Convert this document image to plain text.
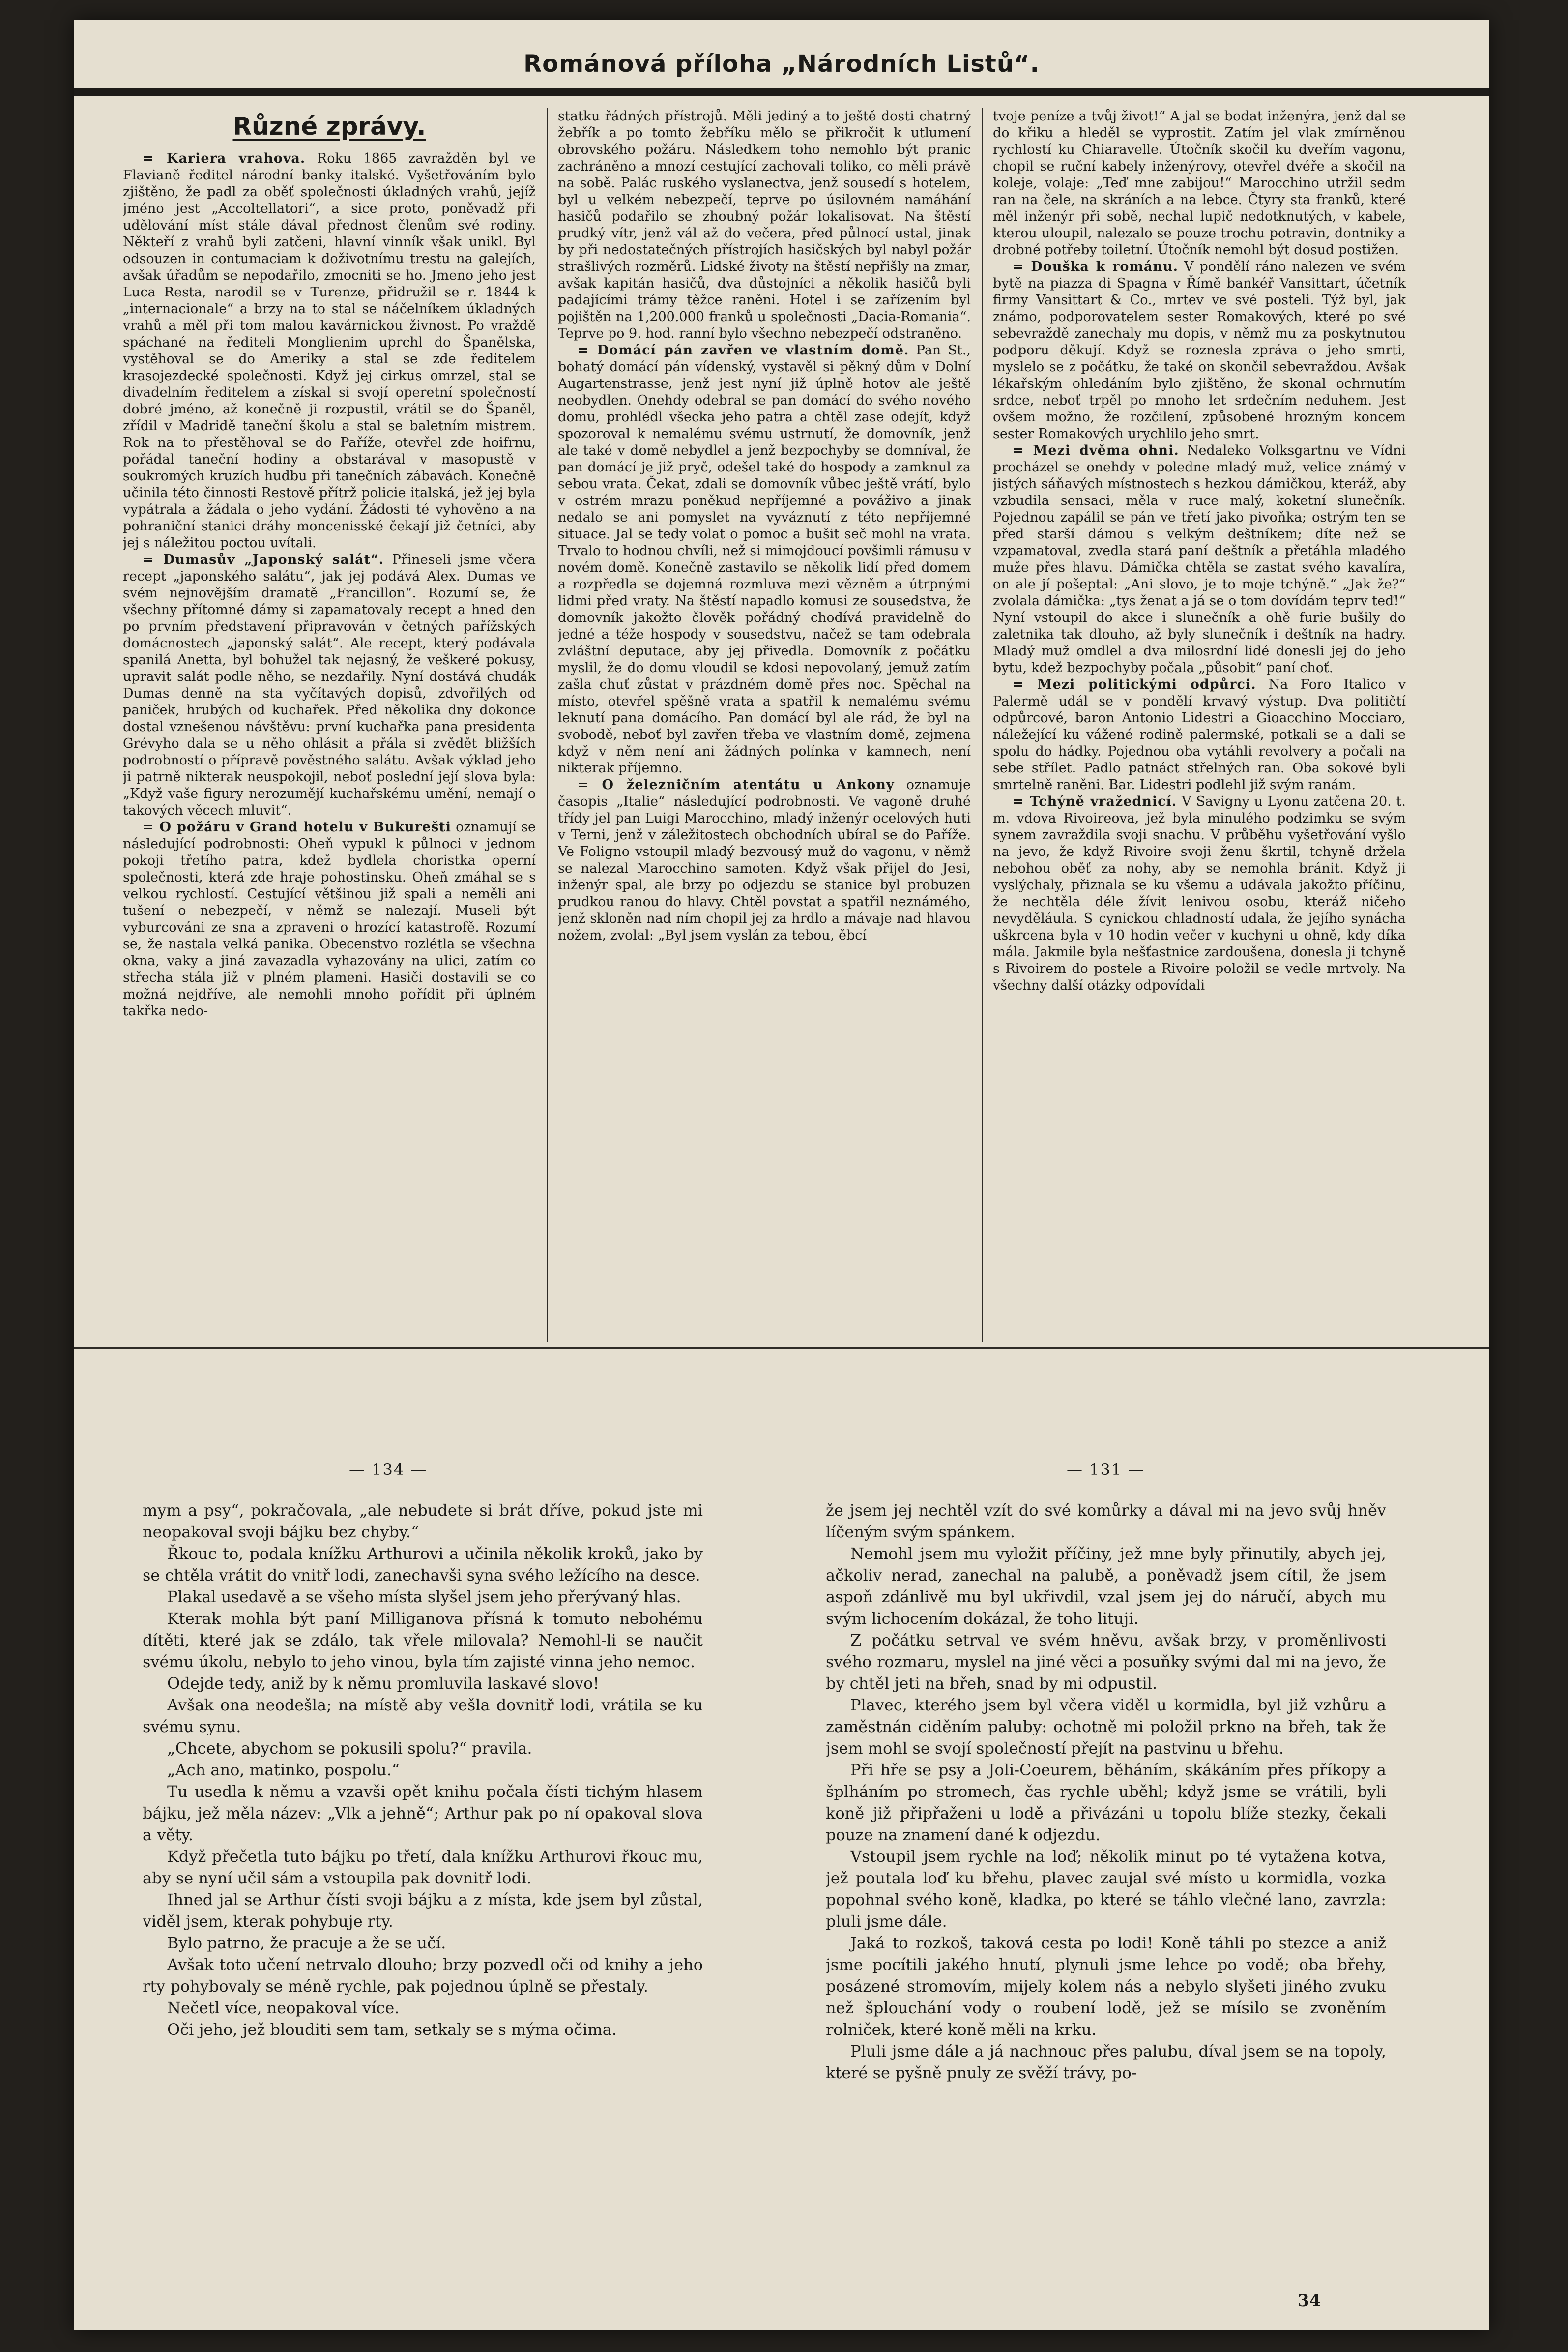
Románová příloha „Národních Listů“.
Různé zprávy.

= Kariera vrahova. Roku 1865 zavražděn byl ve Flavianě ředitel národní banky italské. Vyšetřováním bylo zjištěno, že padl za oběť společnosti úkladných vrahů, jejíž jméno jest „Accoltellatori“, a sice proto, poněvadž při udělování míst stále dával přednost členům své rodiny. Někteří z vrahů byli zatčeni, hlavní vinník však unikl. Byl odsouzen in contumaciam k doživotnímu trestu na galejích, avšak úřadům se nepodařilo, zmocniti se ho. Jmeno jeho jest Luca Resta, narodil se v Turenze, přidružil se r. 1844 k „internacionale“ a brzy na to stal se náčelníkem úkladných vrahů a měl při tom malou kavárnickou živnost. Po vraždě spáchané na řediteli Monglienim uprchl do Španělska, vystěhoval se do Ameriky a stal se zde ředitelem krasojezdecké společnosti. Když jej cirkus omrzel, stal se divadelním ředitelem a získal si svojí operetní společností dobré jméno, až konečně ji rozpustil, vrátil se do Španěl, zřídil v Madridě taneční školu a stal se baletním mistrem. Rok na to přestěhoval se do Paříže, otevřel zde hoifrnu, pořádal taneční hodiny a obstarával v masopustě v soukromých kruzích hudbu při tanečních zábavách. Konečně učinila této činnosti Restově přítrž policie italská, jež jej byla vypátrala a žádala o jeho vydání. Žádosti té vyhověno a na pohraniční stanici dráhy moncenisské čekají již četníci, aby jej s náležitou poctou uvítali.

= Dumasův „Japonský salát“. Přineseli jsme včera recept „japonského salátu“, jak jej podává Alex. Dumas ve svém nejnovějším dramatě „Francillon“. Rozumí se, že všechny přítomné dámy si zapamatovaly recept a hned den po prvním představení připravován v četných pařížských domácnostech „japonský salát“. Ale recept, který podávala spanilá Anetta, byl bohužel tak nejasný, že veškeré pokusy, upravit salát podle něho, se nezdařily. Nyní dostává chudák Dumas denně na sta vyčítavých dopisů, zdvořilých od paniček, hrubých od kuchařek. Před několika dny dokonce dostal vznešenou návštěvu: první kuchařka pana presidenta Grévyho dala se u něho ohlásit a přála si zvědět bližších podrobností o přípravě pověstného salátu. Avšak výklad jeho ji patrně nikterak neuspokojil, neboť poslední její slova byla: „Když vaše figury nerozumějí kuchařskému umění, nemají o takových věcech mluvit“.

= O požáru v Grand hotelu v Bukurešti oznamují se následující podrobnosti: Oheň vypukl k půlnoci v jednom pokoji třetího patra, kdež bydlela choristka operní společnosti, která zde hraje pohostinsku. Oheň zmáhal se s velkou rychlostí. Cestující většinou již spali a neměli ani tušení o nebezpečí, v němž se nalezají. Museli být vyburcováni ze sna a zpraveni o hrozící katastrofě. Rozumí se, že nastala velká panika. Obecenstvo rozlétla se všechna okna, vaky a jiná zavazadla vyhazovány na ulici, zatím co střecha stála již v plném plameni. Hasiči dostavili se co možná nejdříve, ale nemohli mnoho pořídit při úplném takřka nedo-

statku řádných přístrojů. Měli jediný a to ještě dosti chatrný žebřík a po tomto žebříku mělo se přikročit k utlumení obrovského požáru. Následkem toho nemohlo být pranic zachráněno a mnozí cestující zachovali toliko, co měli právě na sobě. Palác ruského vyslanectva, jenž sousedí s hotelem, byl u velkém nebezpečí, teprve po úsilovném namáhání hasičů podařilo se zhoubný požár lokalisovat. Na štěstí prudký vítr, jenž vál až do večera, před půlnocí ustal, jinak by při nedostatečných přístrojích hasičských byl nabyl požár strašlivých rozměrů. Lidské životy na štěstí nepřišly na zmar, avšak kapitán hasičů, dva důstojníci a několik hasičů byli padajícími trámy těžce raněni. Hotel i se zařízením byl pojištěn na 1,200.000 franků u společnosti „Dacia-Romania“. Teprve po 9. hod. ranní bylo všechno nebezpečí odstraněno.

= Domácí pán zavřen ve vlastním domě. Pan St., bohatý domácí pán vídenský, vystavěl si pěkný dům v Dolní Augartenstrasse, jenž jest nyní již úplně hotov ale ještě neobydlen. Onehdy odebral se pan domácí do svého nového domu, prohlédl všecka jeho patra a chtěl zase odejít, když spozoroval k nemalému svému ustrnutí, že domovník, jenž ale také v domě nebydlel a jenž bezpochyby se domníval, že pan domácí je již pryč, odešel také do hospody a zamknul za sebou vrata. Čekat, zdali se domovník vůbec ještě vrátí, bylo v ostrém mrazu poněkud nepříjemné a pováživo a jinak nedalo se ani pomyslet na vyváznutí z této nepříjemné situace. Jal se tedy volat o pomoc a bušit seč mohl na vrata. Trvalo to hodnou chvíli, než si mimojdoucí povšimli rámusu v novém domě. Konečně zastavilo se několik lidí před domem a rozpředla se dojemná rozmluva mezi vězněm a útrpnými lidmi před vraty. Na štěstí napadlo komusi ze sousedstva, že domovník jakožto člověk pořádný chodívá pravidelně do jedné a téže hospody v sousedstvu, načež se tam odebrala zvláštní deputace, aby jej přivedla. Domovník z počátku myslil, že do domu vloudil se kdosi nepovolaný, jemuž zatím zašla chuť zůstat v prázdném domě přes noc. Spěchal na místo, otevřel spěšně vrata a spatřil k nemalému svému leknutí pana domácího. Pan domácí byl ale rád, že byl na svobodě, neboť byl zavřen třeba ve vlastním domě, zejmena když v něm není ani žádných polínka v kamnech, není nikterak příjemno.

= O železničním atentátu u Ankony oznamuje časopis „Italie“ následující podrobnosti. Ve vagoně druhé třídy jel pan Luigi Marocchino, mladý inženýr ocelových huti v Terni, jenž v záležitostech obchodních ubíral se do Paříže. Ve Foligno vstoupil mladý bezvousý muž do vagonu, v němž se nalezal Marocchino samoten. Když však přijel do Jesi, inženýr spal, ale brzy po odjezdu se stanice byl probuzen prudkou ranou do hlavy. Chtěl povstat a spatřil neznámého, jenž skloněn nad ním chopil jej za hrdlo a mávaje nad hlavou nožem, zvolal: „Byl jsem vyslán za tebou, ěbcí

tvoje peníze a tvůj život!“ A jal se bodat inženýra, jenž dal se do křiku a hleděl se vyprostit. Zatím jel vlak zmírněnou rychlostí ku Chiaravelle. Útočník skočil ku dveřím vagonu, chopil se ruční kabely inženýrovy, otevřel dvéře a skočil na koleje, volaje: „Teď mne zabijou!“ Marocchino utržil sedm ran na čele, na skráních a na lebce. Čtyry sta franků, které měl inženýr při sobě, nechal lupič nedotknutých, v kabele, kterou uloupil, nalezalo se pouze trochu potravin, dontniky a drobné potřeby toiletní. Útočník nemohl být dosud postižen.

= Douška k románu. V pondělí ráno nalezen ve svém bytě na piazza di Spagna v Římě bankéř Vansittart, účetník firmy Vansittart & Co., mrtev ve své posteli. Týž byl, jak známo, podporovatelem sester Romakových, které po své sebevraždě zanechaly mu dopis, v němž mu za poskytnutou podporu děkují. Když se roznesla zpráva o jeho smrti, myslelo se z počátku, že také on skončil sebevraždou. Avšak lékařským ohledáním bylo zjištěno, že skonal ochrnutím srdce, neboť trpěl po mnoho let srdečním neduhem. Jest ovšem možno, že rozčilení, způsobené hrozným koncem sester Romakových urychlilo jeho smrt.

= Mezi dvěma ohni. Nedaleko Volksgartnu ve Vídni procházel se onehdy v poledne mladý muž, velice známý v jistých sáňavých místnostech s hezkou dámičkou, kteráž, aby vzbudila sensaci, měla v ruce malý, koketní slunečník. Pojednou zapálil se pán ve třetí jako pivoňka; ostrým ten se před starší dámou s velkým deštníkem; díte než se vzpamatoval, zvedla stará paní deštník a přetáhla mladého muže přes hlavu. Dámička chtěla se zastat svého kavalíra, on ale jí pošeptal: „Ani slovo, je to moje tchýně.“ „Jak že?“ zvolala dámička: „tys ženat a já se o tom dovídám teprv teď!“ Nyní vstoupil do akce i slunečník a ohě furie bušily do zaletnika tak dlouho, až byly slunečník i deštník na hadry. Mladý muž omdlel a dva milosrdní lidé donesli jej do jeho bytu, kdež bezpochyby počala „působit“ paní choť.

= Mezi politickými odpůrci. Na Foro Italico v Palermě udál se v pondělí krvavý výstup. Dva političtí odpůrcové, baron Antonio Lidestri a Gioacchino Mocciaro, náležející ku vážené rodině palermské, potkali se a dali se spolu do hádky. Pojednou oba vytáhli revolvery a počali na sebe střílet. Padlo patnáct střelných ran. Oba sokové byli smrtelně raněni. Bar. Lidestri podlehl již svým ranám.

= Tchýně vražednicí. V Savigny u Lyonu zatčena 20. t. m. vdova Rivoireova, jež byla minulého podzimku se svým synem zavraždila svoji snachu. V průběhu vyšetřování vyšlo na jevo, že když Rivoire svoji ženu škrtil, tchyně držela nebohou oběť za nohy, aby se nemohla bránit. Když ji vyslýchaly, přiznala se ku všemu a udávala jakožto příčinu, že nechtěla déle žívit lenivou osobu, kteráž ničeho nevyděláula. S cynickou chladností udala, že jejího synácha uškrcena byla v 10 hodin večer v kuchyni u ohně, kdy díka mála. Jakmile byla nešťastnice zardoušena, donesla ji tchyně s Rivoirem do postele a Rivoire položil se vedle mrtvoly. Na všechny další otázky odpovídali

— 134 —	— 131 —

mym a psy“, pokračovala, „ale nebudete si brát dříve, pokud jste mi neopakoval svoji bájku bez chyby.“

Řkouc to, podala knížku Arthurovi a učinila několik kroků, jako by se chtěla vrátit do vnitř lodi, zanechavši syna svého ležícího na desce.

Plakal usedavě a se všeho místa slyšel jsem jeho přerývaný hlas.

Kterak mohla být paní Milliganova přísná k tomuto nebohému dítěti, které jak se zdálo, tak vřele milovala? Nemohl-li se naučit svému úkolu, nebylo to jeho vinou, byla tím zajisté vinna jeho nemoc.

Odejde tedy, aniž by k němu promluvila laskavé slovo!

Avšak ona neodešla; na místě aby vešla dovnitř lodi, vrátila se ku svému synu.

„Chcete, abychom se pokusili spolu?“ pravila.

„Ach ano, matinko, pospolu.“

Tu usedla k němu a vzavši opět knihu počala čísti tichým hlasem bájku, jež měla název: „Vlk a jehně“; Arthur pak po ní opakoval slova a věty.

Když přečetla tuto bájku po třetí, dala knížku Arthurovi řkouc mu, aby se nyní učil sám a vstoupila pak dovnitř lodi.

Ihned jal se Arthur čísti svoji bájku a z místa, kde jsem byl zůstal, viděl jsem, kterak pohybuje rty.

Bylo patrno, že pracuje a že se učí.

Avšak toto učení netrvalo dlouho; brzy pozvedl oči od knihy a jeho rty pohybovaly se méně rychle, pak pojednou úplně se přestaly.

Nečetl více, neopakoval více.

Oči jeho, jež blouditi sem tam, setkaly se s mýma očima.

že jsem jej nechtěl vzít do své komůrky a dával mi na jevo svůj hněv líčeným svým spánkem.

Nemohl jsem mu vyložit příčiny, jež mne byly přinutily, abych jej, ačkoliv nerad, zanechal na palubě, a poněvadž jsem cítil, že jsem aspoň zdánlivě mu byl ukřivdil, vzal jsem jej do náručí, abych mu svým lichocením dokázal, že toho lituji.

Z počátku setrval ve svém hněvu, avšak brzy, v proměnlivosti svého rozmaru, myslel na jiné věci a posuňky svými dal mi na jevo, že by chtěl jeti na břeh, snad by mi odpustil.

Plavec, kterého jsem byl včera viděl u kormidla, byl již vzhůru a zaměstnán ciděním paluby: ochotně mi položil prkno na břeh, tak že jsem mohl se svojí společností přejít na pastvinu u břehu.

Při hře se psy a Joli-Coeurem, běháním, skákáním přes příkopy a šplháním po stromech, čas rychle uběhl; když jsme se vrátili, byli koně již připřaženi u lodě a přivázáni u topolu blíže stezky, čekali pouze na znamení dané k odjezdu.

Vstoupil jsem rychle na loď; několik minut po té vytažena kotva, jež poutala loď ku břehu, plavec zaujal své místo u kormidla, vozka popohnal svého koně, kladka, po které se táhlo vlečné lano, zavrzla: pluli jsme dále.

Jaká to rozkoš, taková cesta po lodi! Koně táhli po stezce a aniž jsme pocítili jakého hnutí, plynuli jsme lehce po vodě; oba břehy, posázené stromovím, mijely kolem nás a nebylo slyšeti jiného zvuku než šplouchání vody o roubení lodě, jež se mísilo se zvoněním rolniček, které koně měli na krku.

Pluli jsme dále a já nachnouc přes palubu, díval jsem se na topoly, které se pyšně pnuly ze svěží trávy, po-

34
